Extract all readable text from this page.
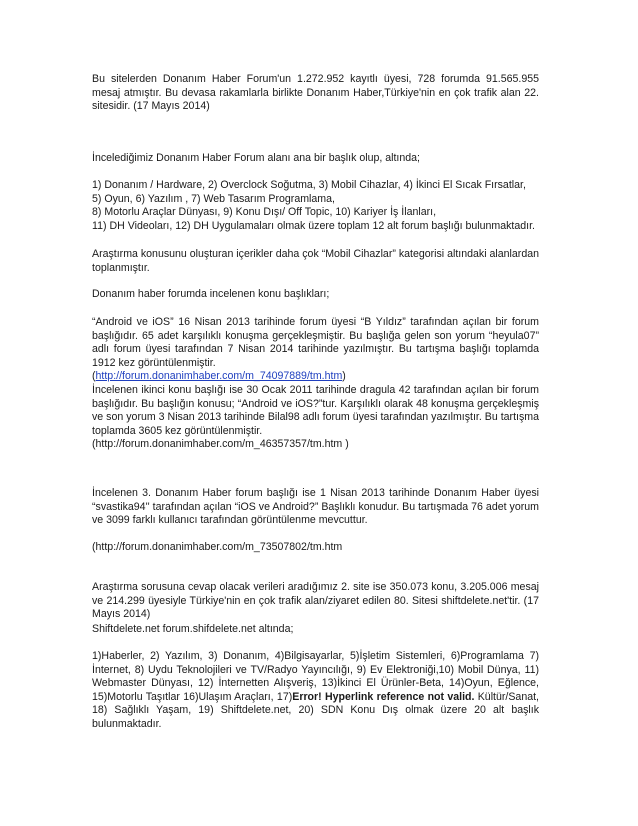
Bu sitelerden Donanım Haber Forum'un 1.272.952 kayıtlı üyesi, 728 forumda 91.565.955 mesaj atmıştır. Bu devasa rakamlarla birlikte Donanım Haber,Türkiye'nin en çok trafik alan 22. sitesidir. (17 Mayıs 2014)

İncelediğimiz Donanım Haber Forum alanı ana bir başlık olup, altında;

1) Donanım / Hardware, 2) Overclock Soğutma, 3) Mobil Cihazlar, 4) İkinci El Sıcak Fırsatlar,
5) Oyun, 6) Yazılım , 7) Web Tasarım Programlama,
8) Motorlu Araçlar Dünyası, 9) Konu Dışı/ Off Topic, 10) Kariyer İş İlanları,
11) DH Videoları, 12) DH Uygulamaları olmak üzere toplam 12 alt forum başlığı bulunmaktadır.

Araştırma konusunu oluşturan içerikler daha çok “Mobil Cihazlar” kategorisi altındaki alanlardan toplanmıştır.

Donanım haber forumda incelenen konu başlıkları;

“Android ve iOS” 16 Nisan 2013 tarihinde forum üyesi “B Yıldız” tarafından açılan bir forum başlığıdır. 65 adet karşılıklı konuşma gerçekleşmiştir. Bu başlığa gelen son yorum “heyula07” adlı forum üyesi tarafından 7 Nisan 2014 tarihinde yazılmıştır. Bu tartışma başlığı toplamda 1912 kez görüntülenmiştir.
(http://forum.donanimhaber.com/m_74097889/tm.htm)
İncelenen ikinci konu başlığı ise 30 Ocak 2011 tarihinde dragula 42 tarafından açılan bir forum başlığıdır. Bu başlığın konusu; “Android ve iOS?”tur. Karşılıklı olarak 48 konuşma gerçekleşmiş ve son yorum 3 Nisan 2013 tarihinde Bilal98 adlı forum üyesi tarafından yazılmıştır. Bu tartışma toplamda 3605 kez görüntülenmiştir.
(http://forum.donanimhaber.com/m_46357357/tm.htm )

İncelenen 3. Donanım Haber forum başlığı ise 1 Nisan 2013 tarihinde Donanım Haber üyesi “svastika94'' tarafından açılan “iOS ve Android?” Başlıklı konudur. Bu tartışmada 76 adet yorum ve 3099 farklı kullanıcı tarafından görüntülenme mevcuttur.

(http://forum.donanimhaber.com/m_73507802/tm.htm

Araştırma sorusuna cevap olacak verileri aradığımız 2. site ise 350.073 konu, 3.205.006 mesaj ve 214.299 üyesiyle Türkiye'nin en çok trafik alan/ziyaret edilen 80. Sitesi shiftdelete.net'tir. (17 Mayıs 2014)

Shiftdelete.net forum.shifdelete.net altında;

1)Haberler, 2) Yazılım, 3) Donanım, 4)Bilgisayarlar, 5)İşletim Sistemleri, 6)Programlama 7) İnternet, 8) Uydu Teknolojileri ve TV/Radyo Yayıncılığı, 9) Ev Elektroniği,10) Mobil Dünya, 11) Webmaster Dünyası, 12) İnternetten Alışveriş, 13)İkinci El Ürünler-Beta, 14)Oyun, Eğlence, 15)Motorlu Taşıtlar 16)Ulaşım Araçları, 17)Error! Hyperlink reference not valid. Kültür/Sanat, 18) Sağlıklı Yaşam, 19) Shiftdelete.net, 20) SDN Konu Dış olmak üzere 20 alt başlık bulunmaktadır.
